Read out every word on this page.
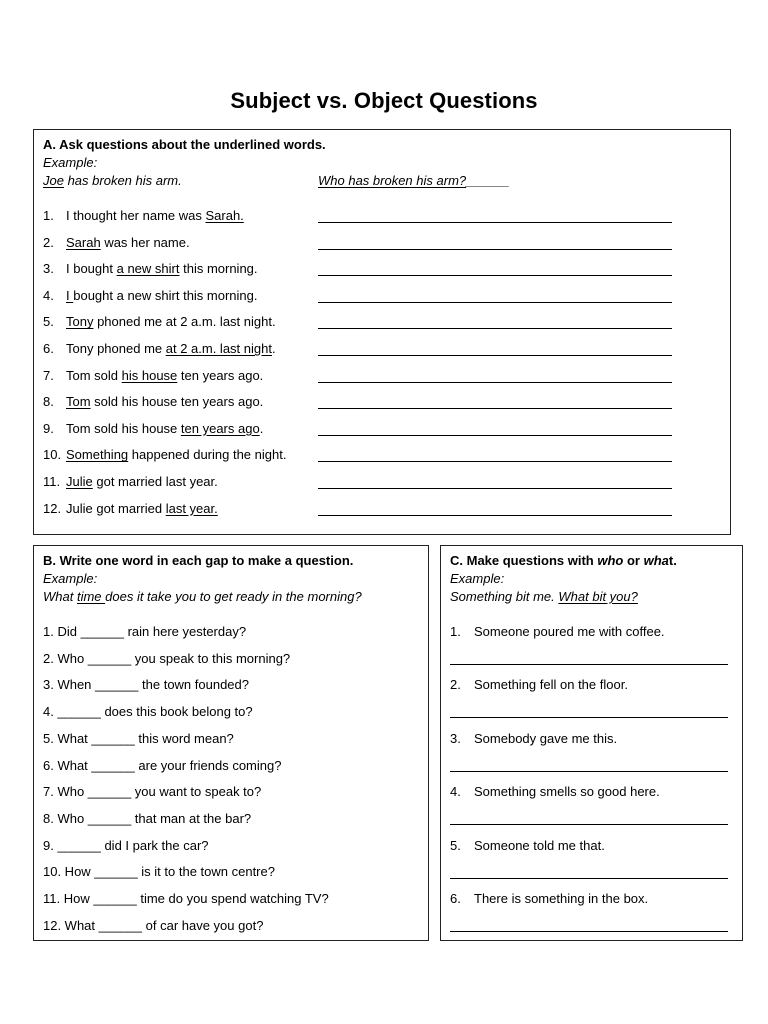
Subject vs. Object Questions
A. Ask questions about the underlined words.
Example:
Joe has broken his arm.	Who has broken his arm?______
1. I thought her name was Sarah.
2. Sarah was her name.
3. I bought a new shirt this morning.
4. I bought a new shirt this morning.
5. Tony phoned me at 2 a.m. last night.
6. Tony phoned me at 2 a.m. last night.
7. Tom sold his house ten years ago.
8. Tom sold his house ten years ago.
9. Tom sold his house ten years ago.
10. Something happened during the night.
11. Julie got married last year.
12. Julie got married last year.
B. Write one word in each gap to make a question.
Example:
What time does it take you to get ready in the morning?
1. Did ______ rain here yesterday?
2. Who ______ you speak to this morning?
3. When ______ the town founded?
4. ______ does this book belong to?
5. What ______ this word mean?
6. What ______ are your friends coming?
7. Who ______ you want to speak to?
8. Who ______ that man at the bar?
9. ______ did I park the car?
10. How ______ is it to the town centre?
11. How ______ time do you spend watching TV?
12. What ______ of car have you got?
C. Make questions with who or what.
Example:
Something bit me. What bit you?
1. Someone poured me with coffee.
2. Something fell on the floor.
3. Somebody gave me this.
4. Something smells so good here.
5. Someone told me that.
6. There is something in the box.
